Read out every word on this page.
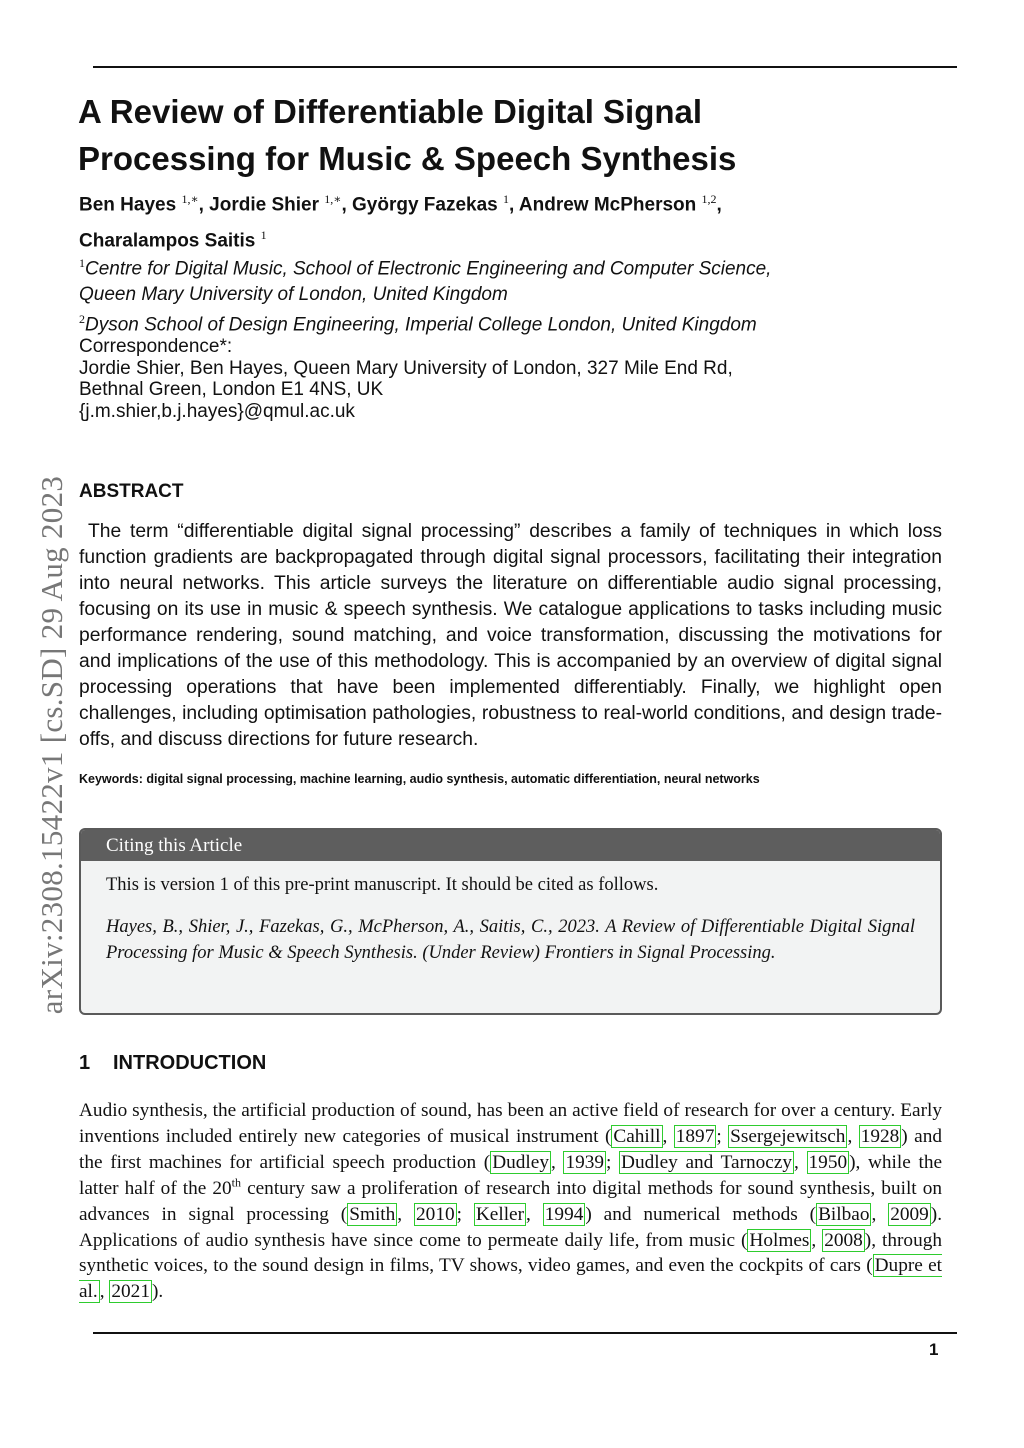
arXiv:2308.15422v1 [cs.SD] 29 Aug 2023
A Review of Differentiable Digital Signal
Processing for Music & Speech Synthesis
Ben Hayes $^{1,∗}$, Jordie Shier $^{1,∗}$, György Fazekas $^1$, Andrew McPherson $^{1,2}$,
Charalampos Saitis $^1$
$^1$Centre for Digital Music, School of Electronic Engineering and Computer Science,
Queen Mary University of London, United Kingdom
$^2$Dyson School of Design Engineering, Imperial College London, United Kingdom
Correspondence*:
Jordie Shier, Ben Hayes, Queen Mary University of London, 327 Mile End Rd,
Bethnal Green, London E1 4NS, UK
{j.m.shier,b.j.hayes}@qmul.ac.uk
ABSTRACT
The term “differentiable digital signal processing” describes a family of techniques in which loss function gradients are backpropagated through digital signal processors, facilitating their integration into neural networks. This article surveys the literature on differentiable audio signal processing, focusing on its use in music & speech synthesis. We catalogue applications to tasks including music performance rendering, sound matching, and voice transformation, discussing the motivations for and implications of the use of this methodology. This is accompanied by an overview of digital signal processing operations that have been implemented differentiably. Finally, we highlight open challenges, including optimisation pathologies, robustness to real-world conditions, and design trade-offs, and discuss directions for future research.
Keywords: digital signal processing, machine learning, audio synthesis, automatic differentiation, neural networks
Citing this Article
This is version 1 of this pre-print manuscript. It should be cited as follows.
Hayes, B., Shier, J., Fazekas, G., McPherson, A., Saitis, C., 2023. A Review of Differentiable Digital Signal Processing for Music & Speech Synthesis. (Under Review) Frontiers in Signal Processing.
1 INTRODUCTION
Audio synthesis, the artificial production of sound, has been an active field of research for over a century. Early inventions included entirely new categories of musical instrument ( Cahill , 1897 ; Ssergejewitsch , 1928 ) and the first machines for artificial speech production ( Dudley , 1939 ; Dudley and Tarnoczy , 1950 ), while the latter half of the 20th century saw a proliferation of research into digital methods for sound synthesis, built on advances in signal processing ( Smith , 2010 ; Keller , 1994 ) and numerical methods ( Bilbao , 2009 ). Applications of audio synthesis have since come to permeate daily life, from music ( Holmes , 2008 ), through synthetic voices, to the sound design in films, TV shows, video games, and even the cockpits of cars ( Dupre et al. , 2021 ).
1
